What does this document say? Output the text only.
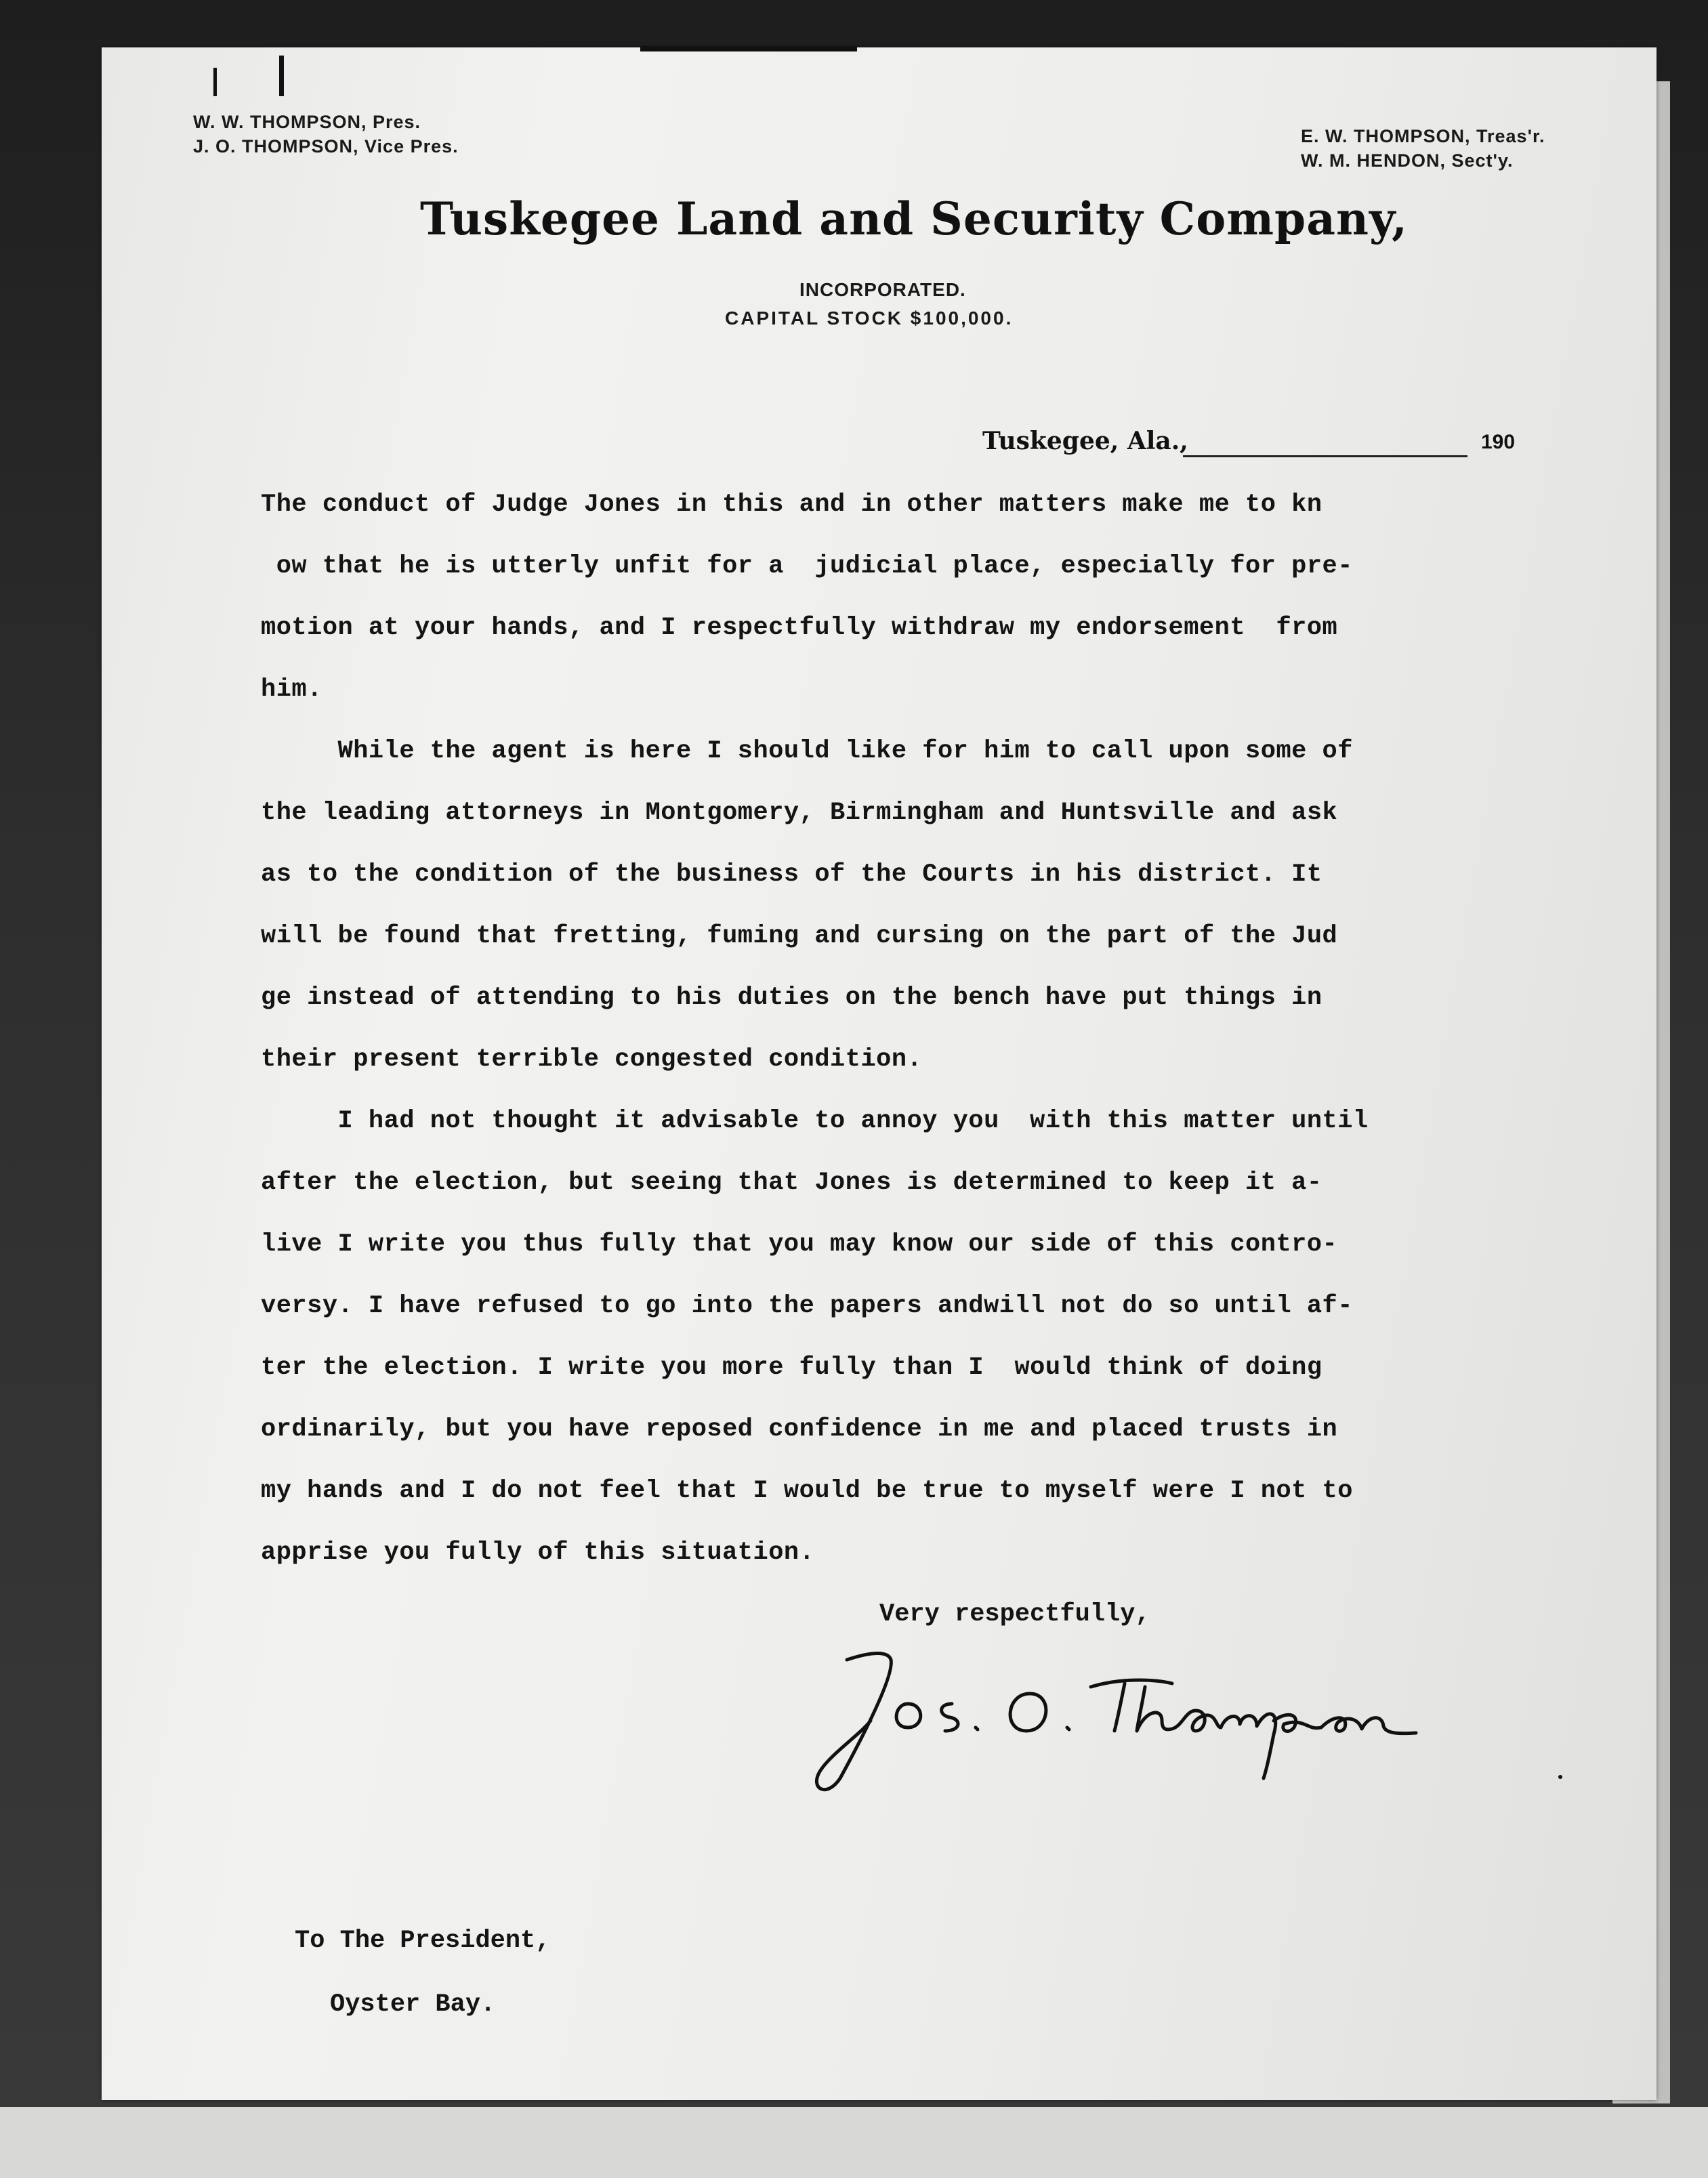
W. W. THOMPSON, Pres.
J. O. THOMPSON, Vice Pres.	E. W. THOMPSON, Treas'r.
W. M. HENDON, Sect'y.
Tuskegee Land and Security Company,
INCORPORATED.
CAPITAL STOCK $100,000.
Tuskegee, Ala.,	190
The conduct of Judge Jones in this and in other matters make me to kn
ow that he is utterly unfit for a  judicial place, especially for pre-
motion at your hands, and I respectfully withdraw my endorsement  from
him.
While the agent is here I should like for him to call upon some of
the leading attorneys in Montgomery, Birmingham and Huntsville and ask
as to the condition of the business of the Courts in his district. It
will be found that fretting, fuming and cursing on the part of the Jud
ge instead of attending to his duties on the bench have put things in
their present terrible congested condition.
I had not thought it advisable to annoy you  with this matter until
after the election, but seeing that Jones is determined to keep it a-
live I write you thus fully that you may know our side of this contro-
versy. I have refused to go into the papers andwill not do so until af-
ter the election. I write you more fully than I  would think of doing
ordinarily, but you have reposed confidence in me and placed trusts in
my hands and I do not feel that I would be true to myself were I not to
apprise you fully of this situation.
Very respectfully,
To The President,
Oyster Bay.
